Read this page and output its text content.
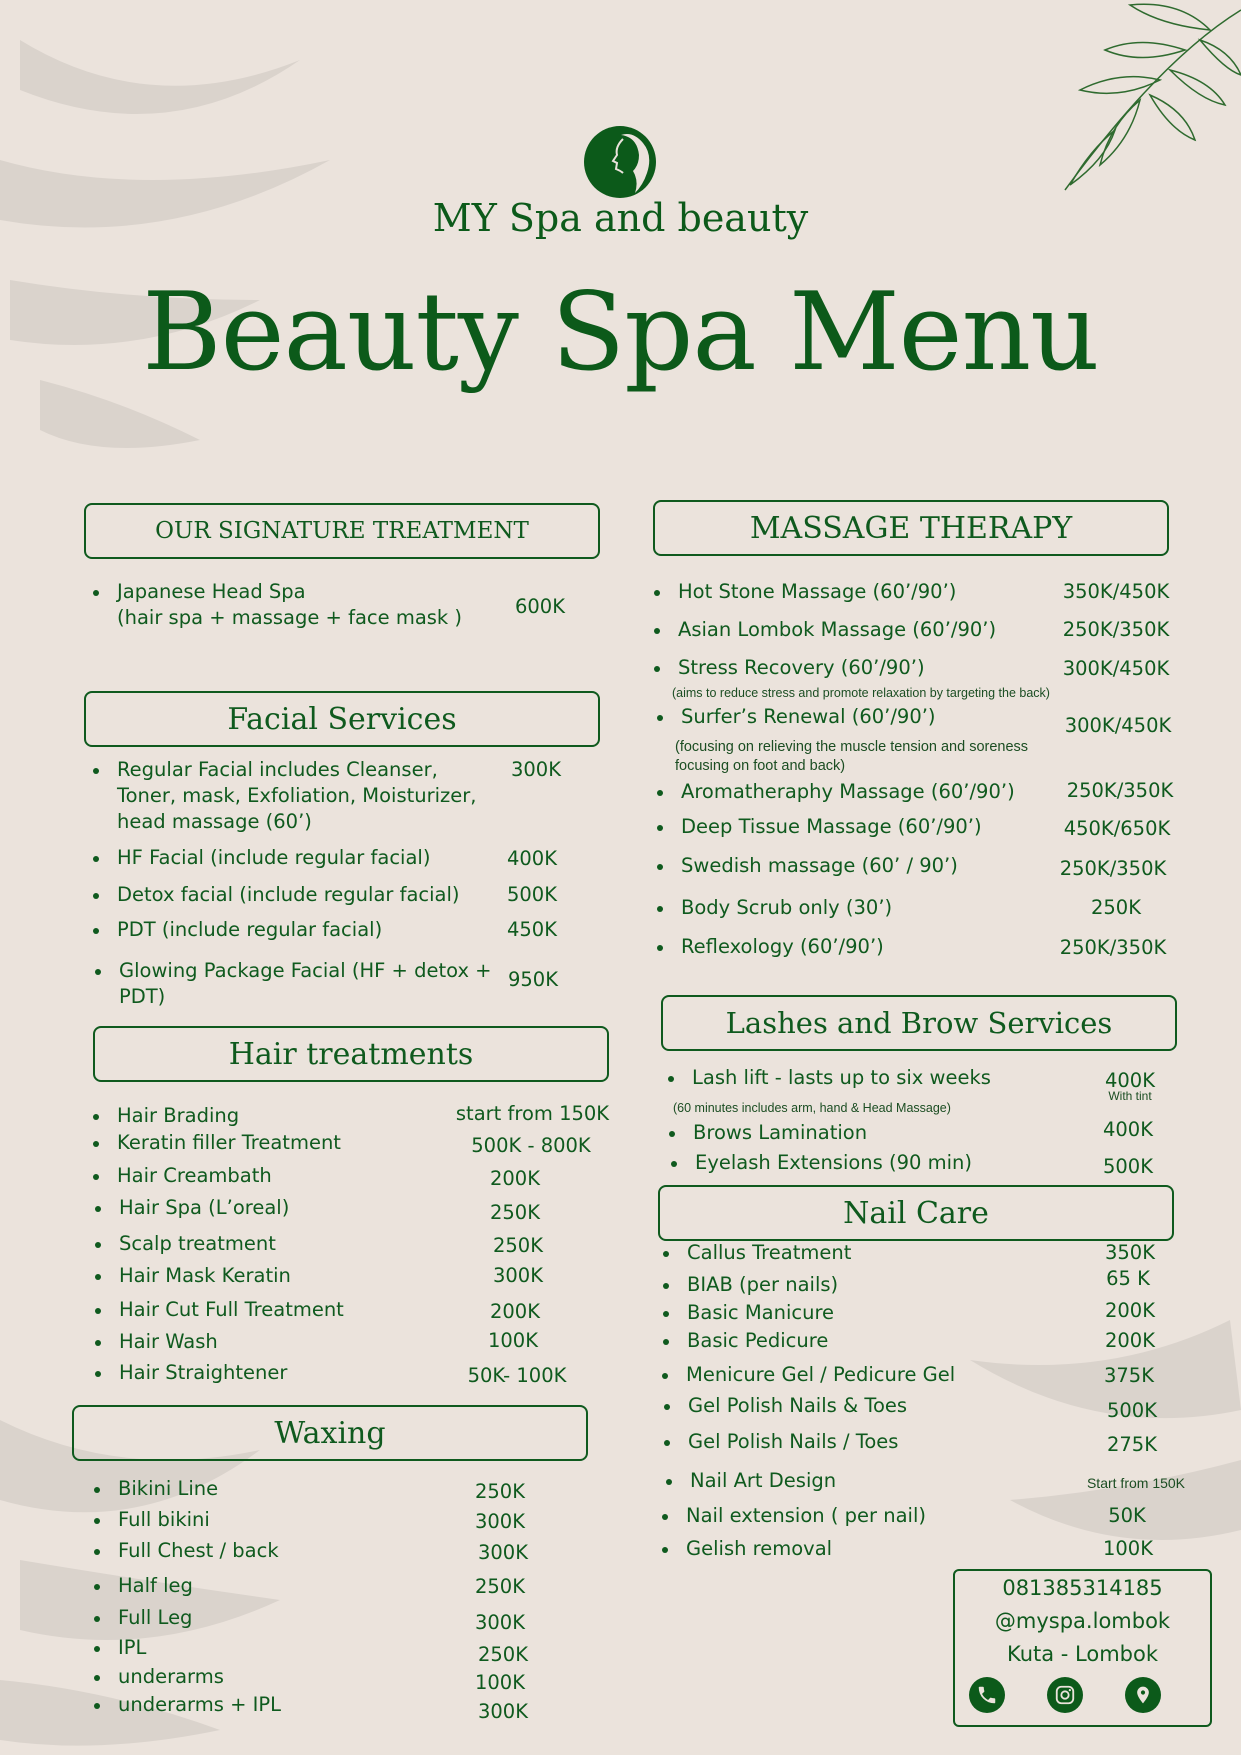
MY Spa and beauty
Beauty Spa Menu
OUR SIGNATURE TREATMENT
Japanese Head Spa
(hair spa + massage + face mask )	600K
Facial Services
Regular Facial includes Cleanser,
Toner, mask, Exfoliation, Moisturizer,
head massage (60’)
300K
HF Facial (include regular facial)	400K
Detox facial (include regular facial)	500K
PDT (include regular facial)	450K
Glowing Package Facial (HF + detox +
PDT)
950K
Hair treatments
Hair Brading	start from 150K
Keratin filler Treatment	500K - 800K
Hair Creambath	200K
Hair Spa (L’oreal)	250K
Scalp treatment	250K
Hair Mask Keratin	300K
Hair Cut Full Treatment	200K
Hair Wash	100K
Hair Straightener	50K- 100K
Waxing
Bikini Line	250K
Full bikini	300K
Full Chest / back	300K
Half leg	250K
Full Leg	300K
IPL	250K
underarms	100K
underarms + IPL	300K
MASSAGE THERAPY
Hot Stone Massage (60’/90’)	350K/450K
Asian Lombok Massage (60’/90’)	250K/350K
Stress Recovery (60’/90’)	300K/450K
(aims to reduce stress and promote relaxation by targeting the back)
Surfer’s Renewal (60’/90’)	300K/450K
(focusing on relieving the muscle tension and soreness
focusing on foot and back)
Aromatheraphy Massage (60’/90’)	250K/350K
Deep Tissue Massage (60’/90’)	450K/650K
Swedish massage (60’ / 90’)	250K/350K
Body Scrub only (30’)	250K
Reflexology (60’/90’)	250K/350K
Lashes and Brow Services
Lash lift - lasts up to six weeks	400K
With tint
(60 minutes includes arm, hand & Head Massage)
Brows Lamination	400K
Eyelash Extensions (90 min)	500K
Nail Care
Callus Treatment	350K
BIAB (per nails)	65 K
Basic Manicure	200K
Basic Pedicure	200K
Menicure Gel / Pedicure Gel	375K
Gel Polish Nails & Toes	500K
Gel Polish Nails / Toes	275K
Nail Art Design	Start from 150K
Nail extension ( per nail)	50K
Gelish removal	100K
081385314185
@myspa.lombok
Kuta - Lombok
